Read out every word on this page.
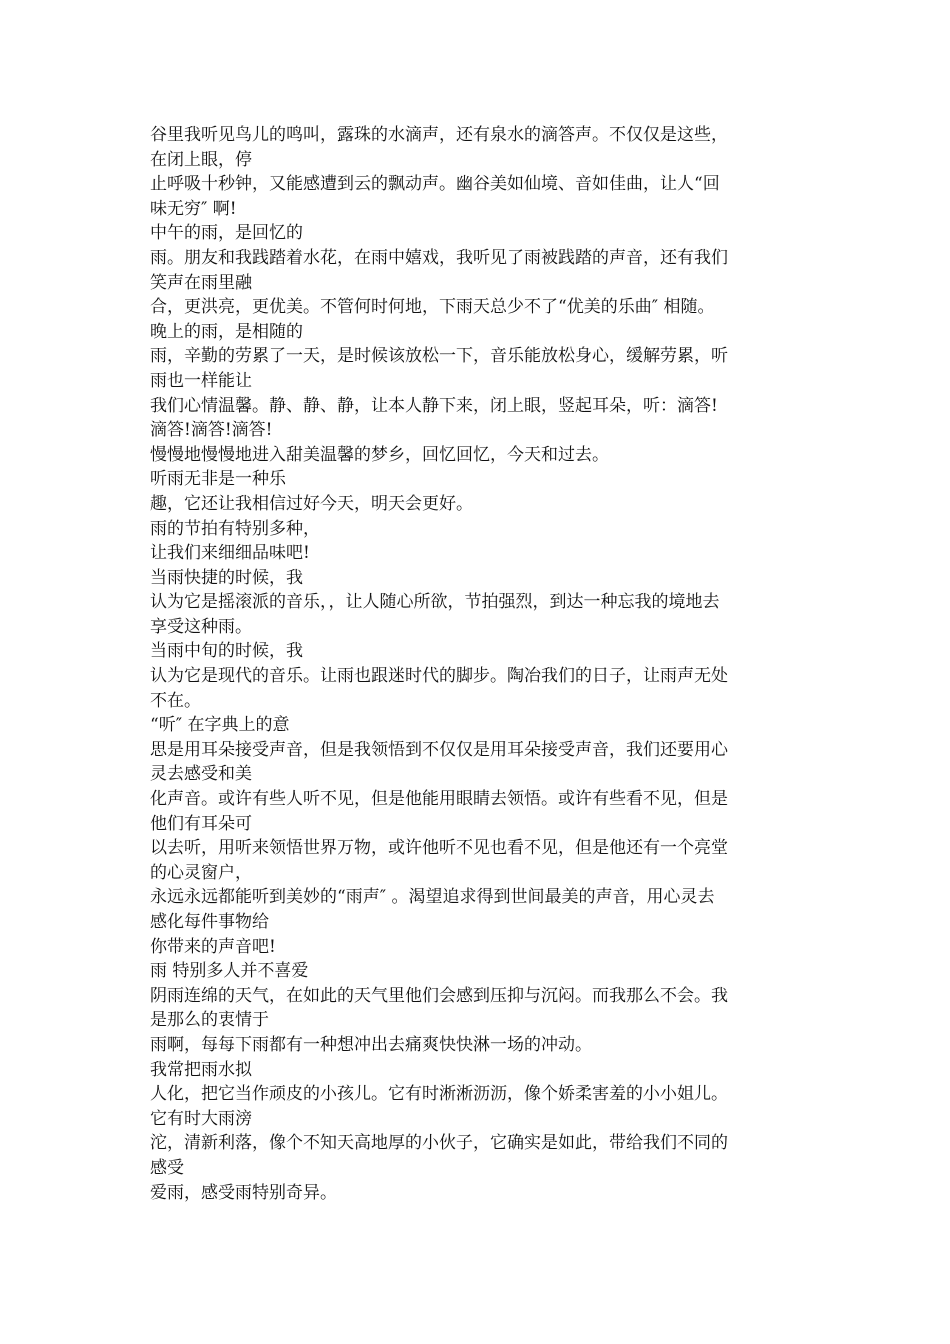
谷里我听见鸟儿的鸣叫，露珠的水滴声，还有泉水的滴答声。不仅仅是这些，
在闭上眼，停
止呼吸十秒钟，又能感遭到云的飘动声。幽谷美如仙境、音如佳曲，让人“回
味无穷″ 啊!
中午的雨，是回忆的
雨。朋友和我践踏着水花，在雨中嬉戏，我听见了雨被践踏的声音，还有我们
笑声在雨里融
合，更洪亮，更优美。不管何时何地，下雨天总少不了“优美的乐曲″ 相随。
晚上的雨，是相随的
雨，辛勤的劳累了一天，是时候该放松一下，音乐能放松身心，缓解劳累，听
雨也一样能让
我们心情温馨。静、静、静，让本人静下来，闭上眼，竖起耳朵，听：滴答!
滴答!滴答!滴答!
慢慢地慢慢地进入甜美温馨的梦乡，回忆回忆，今天和过去。
听雨无非是一种乐
趣，它还让我相信过好今天，明天会更好。
雨的节拍有特别多种，
让我们来细细品味吧!
当雨快捷的时候，我
认为它是摇滚派的音乐，，让人随心所欲，节拍强烈，到达一种忘我的境地去
享受这种雨。
当雨中旬的时候，我
认为它是现代的音乐。让雨也跟迷时代的脚步。陶冶我们的日子，让雨声无处
不在。
“听″ 在字典上的意
思是用耳朵接受声音，但是我领悟到不仅仅是用耳朵接受声音，我们还要用心
灵去感受和美
化声音。或许有些人听不见，但是他能用眼睛去领悟。或许有些看不见，但是
他们有耳朵可
以去听，用听来领悟世界万物，或许他听不见也看不见，但是他还有一个亮堂
的心灵窗户，
永远永远都能听到美妙的“雨声″ 。渴望追求得到世间最美的声音，用心灵去
感化每件事物给
你带来的声音吧!
雨 特别多人并不喜爱
阴雨连绵的天气，在如此的天气里他们会感到压抑与沉闷。而我那么不会。我
是那么的衷情于
雨啊，每每下雨都有一种想冲出去痛爽快快淋一场的冲动。
我常把雨水拟
人化，把它当作顽皮的小孩儿。它有时淅淅沥沥，像个娇柔害羞的小小姐儿。
它有时大雨滂
沱，清新利落，像个不知天高地厚的小伙子，它确实是如此，带给我们不同的
感受
爱雨，感受雨特别奇异。
